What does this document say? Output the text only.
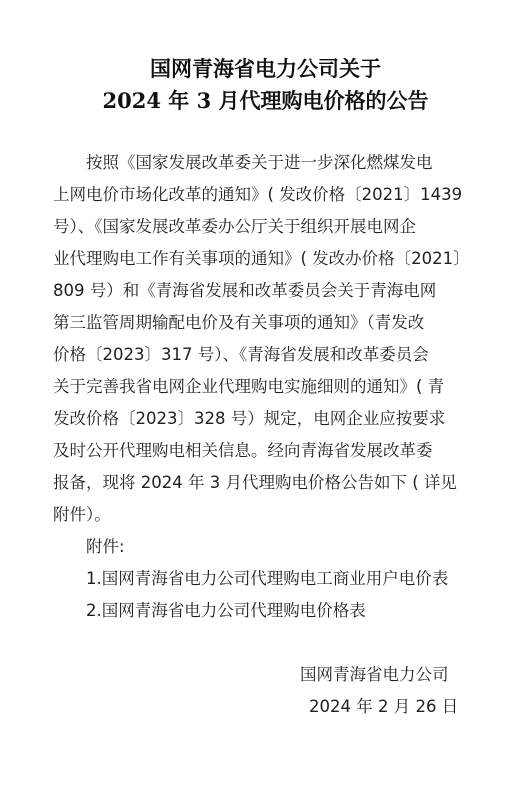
国网青海省电力公司关于
2024 年 3 月代理购电价格的公告
按照《国家发展改革委关于进一步深化燃煤发电
上网电价市场化改革的通知》( 发改价格〔2021〕1439
号）、《国家发展改革委办公厅关于组织开展电网企
业代理购电工作有关事项的通知》( 发改办价格〔2021〕
809 号）和《青海省发展和改革委员会关于青海电网
第三监管周期输配电价及有关事项的通知》（青发改
价格〔2023〕317 号）、《青海省发展和改革委员会
关于完善我省电网企业代理购电实施细则的通知》( 青
发改价格〔2023〕328 号）规定，电网企业应按要求
及时公开代理购电相关信息。经向青海省发展改革委
报备，现将 2024 年 3 月代理购电价格公告如下 ( 详见
附件）。
附件:
1.国网青海省电力公司代理购电工商业用户电价表
2.国网青海省电力公司代理购电价格表
国网青海省电力公司
2024 年 2 月 26 日
